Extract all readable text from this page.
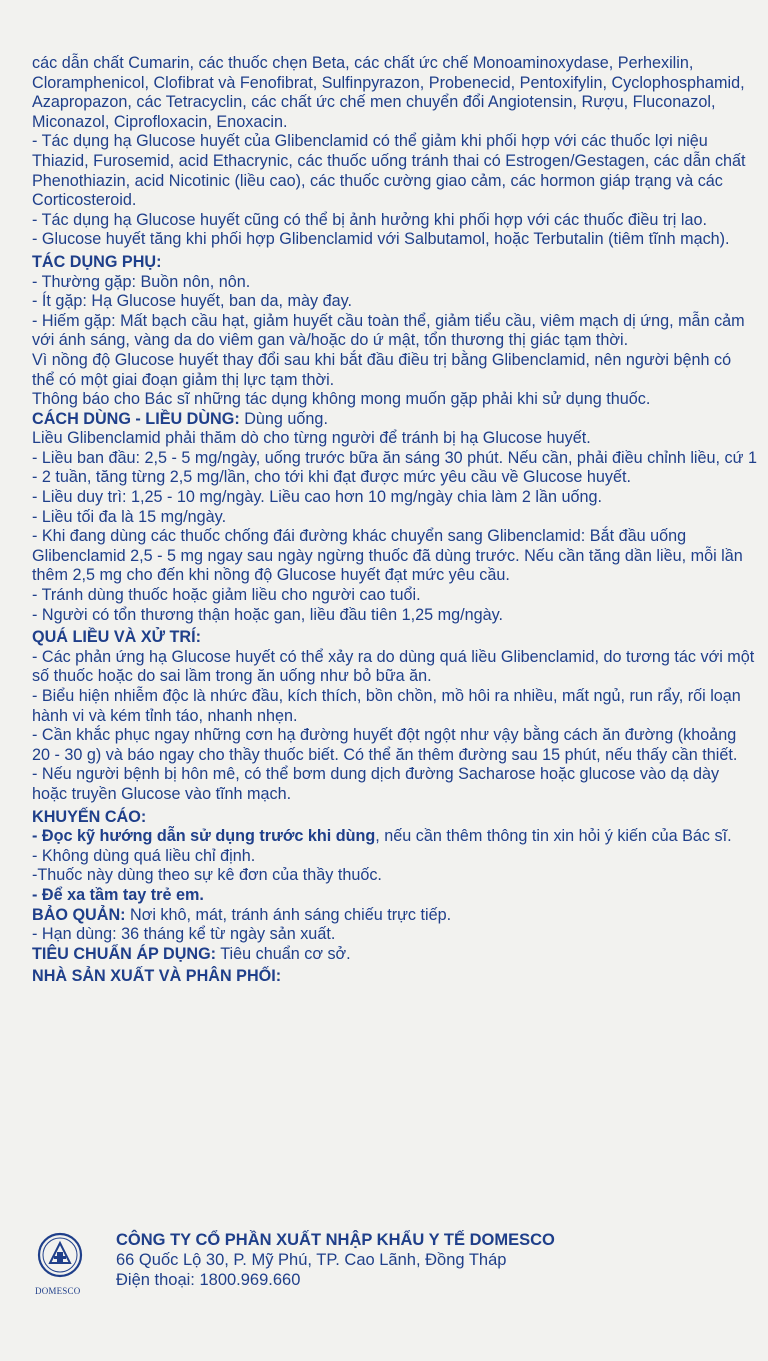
các dẫn chất Cumarin, các thuốc chẹn Beta, các chất ức chế Monoaminoxydase, Perhexilin, Cloramphenicol, Clofibrat và Fenofibrat, Sulfinpyrazon, Probenecid, Pentoxifylin, Cyclophosphamid, Azapropazon, các Tetracyclin, các chất ức chế men chuyển đổi Angiotensin, Rượu, Fluconazol, Miconazol, Ciprofloxacin, Enoxacin.

- Tác dụng hạ Glucose huyết của Glibenclamid có thể giảm khi phối hợp với các thuốc lợi niệu Thiazid, Furosemid, acid Ethacrynic, các thuốc uống tránh thai có Estrogen/Gestagen, các dẫn chất Phenothiazin, acid Nicotinic (liều cao), các thuốc cường giao cảm, các hormon giáp trạng và các Corticosteroid.

- Tác dụng hạ Glucose huyết cũng có thể bị ảnh hưởng khi phối hợp với các thuốc điều trị lao.

- Glucose huyết tăng khi phối hợp Glibenclamid với Salbutamol, hoặc Terbutalin (tiêm tĩnh mạch).

TÁC DỤNG PHỤ:

- Thường gặp: Buồn nôn, nôn.

- Ít gặp: Hạ Glucose huyết, ban da, mày đay.

- Hiếm gặp: Mất bạch cầu hạt, giảm huyết cầu toàn thể, giảm tiểu cầu, viêm mạch dị ứng, mẫn cảm với ánh sáng, vàng da do viêm gan và/hoặc do ứ mật, tổn thương thị giác tạm thời.

Vì nồng độ Glucose huyết thay đổi sau khi bắt đầu điều trị bằng Glibenclamid, nên người bệnh có thể có một giai đoạn giảm thị lực tạm thời.

Thông báo cho Bác sĩ những tác dụng không mong muốn gặp phải khi sử dụng thuốc.

CÁCH DÙNG - LIỀU DÙNG: Dùng uống.

Liều Glibenclamid phải thăm dò cho từng người để tránh bị hạ Glucose huyết.

- Liều ban đầu: 2,5 - 5 mg/ngày, uống trước bữa ăn sáng 30 phút. Nếu cần, phải điều chỉnh liều, cứ 1 - 2 tuần, tăng từng 2,5 mg/lần, cho tới khi đạt được mức yêu cầu về Glucose huyết.

- Liều duy trì: 1,25 - 10 mg/ngày. Liều cao hơn 10 mg/ngày chia làm 2 lần uống.

- Liều tối đa là 15 mg/ngày.

- Khi đang dùng các thuốc chống đái đường khác chuyển sang Glibenclamid: Bắt đầu uống Glibenclamid 2,5 - 5 mg ngay sau ngày ngừng thuốc đã dùng trước. Nếu cần tăng dần liều, mỗi lần thêm 2,5 mg cho đến khi nồng độ Glucose huyết đạt mức yêu cầu.

- Tránh dùng thuốc hoặc giảm liều cho người cao tuổi.

- Người có tổn thương thận hoặc gan, liều đầu tiên 1,25 mg/ngày.

QUÁ LIỀU VÀ XỬ TRÍ:

- Các phản ứng hạ Glucose huyết có thể xảy ra do dùng quá liều Glibenclamid, do tương tác với một số thuốc hoặc do sai lầm trong ăn uống như bỏ bữa ăn.

- Biểu hiện nhiễm độc là nhức đầu, kích thích, bồn chồn, mồ hôi ra nhiều, mất ngủ, run rẩy, rối loạn hành vi và kém tỉnh táo, nhanh nhẹn.

- Cần khắc phục ngay những cơn hạ đường huyết đột ngột như vậy bằng cách ăn đường (khoảng 20 - 30 g) và báo ngay cho thầy thuốc biết. Có thể ăn thêm đường sau 15 phút, nếu thấy cần thiết.

- Nếu người bệnh bị hôn mê, có thể bơm dung dịch đường Sacharose hoặc glucose vào dạ dày hoặc truyền Glucose vào tĩnh mạch.

KHUYẾN CÁO:

- Đọc kỹ hướng dẫn sử dụng trước khi dùng, nếu cần thêm thông tin xin hỏi ý kiến của Bác sĩ.

- Không dùng quá liều chỉ định.

-Thuốc này dùng theo sự kê đơn của thầy thuốc.

- Để xa tầm tay trẻ em.

BẢO QUẢN: Nơi khô, mát, tránh ánh sáng chiếu trực tiếp.

- Hạn dùng: 36 tháng kể từ ngày sản xuất.

TIÊU CHUẨN ÁP DỤNG: Tiêu chuẩn cơ sở.

NHÀ SẢN XUẤT VÀ PHÂN PHỐI:

DOMESCO
CÔNG TY CỔ PHẦN XUẤT NHẬP KHẨU Y TẾ DOMESCO
66 Quốc Lộ 30, P. Mỹ Phú, TP. Cao Lãnh, Đồng Tháp
Điện thoại: 1800.969.660
